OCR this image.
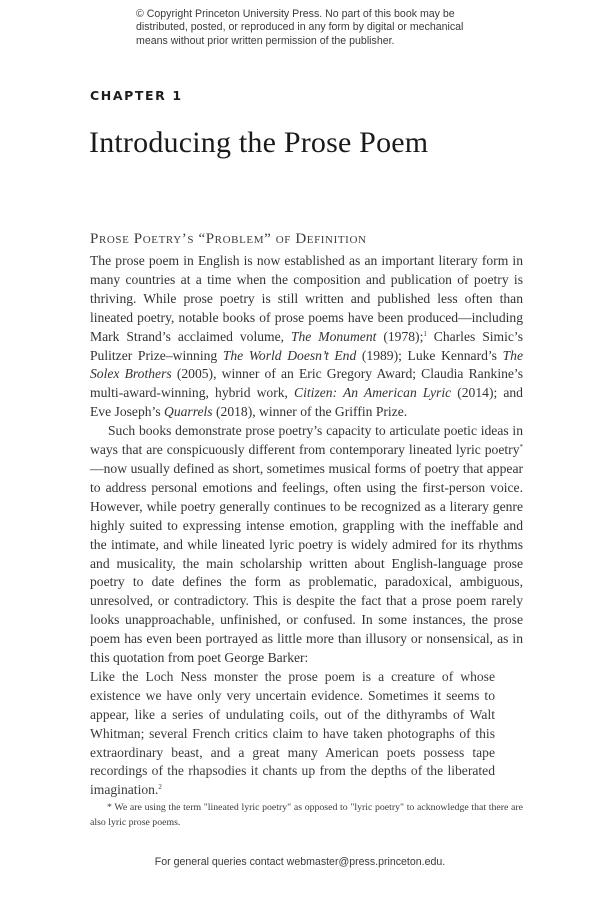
© Copyright Princeton University Press. No part of this book may be distributed, posted, or reproduced in any form by digital or mechanical means without prior written permission of the publisher.
CHAPTER 1
Introducing the Prose Poem
Prose Poetry’s “Problem” of Definition

The prose poem in English is now established as an important literary form in many countries at a time when the composition and publication of poetry is thriving. While prose poetry is still written and published less often than lineated poetry, notable books of prose poems have been produced—including Mark Strand’s acclaimed volume, The Monument (1978);$^1$ Charles Simic’s Pulitzer Prize–winning The World Doesn’t End (1989); Luke Kennard’s The Solex Brothers (2005), winner of an Eric Gregory Award; Claudia Rankine’s multi-award-winning, hybrid work, Citizen: An American Lyric (2014); and Eve Joseph’s Quarrels (2018), winner of the Griffin Prize.

Such books demonstrate prose poetry’s capacity to articulate poetic ideas in ways that are conspicuously different from contemporary lineated lyric poetry*—now usually defined as short, sometimes musical forms of poetry that appear to address personal emotions and feelings, often using the first-person voice. However, while poetry generally continues to be recognized as a literary genre highly suited to expressing intense emotion, grappling with the ineffable and the intimate, and while lineated lyric poetry is widely admired for its rhythms and musicality, the main scholarship written about English-language prose poetry to date defines the form as problematic, paradoxical, ambiguous, unresolved, or contradictory. This is despite the fact that a prose poem rarely looks unapproachable, unfinished, or confused. In some instances, the prose poem has even been portrayed as little more than illusory or nonsensical, as in this quotation from poet George Barker:

Like the Loch Ness monster the prose poem is a creature of whose existence we have only very uncertain evidence. Sometimes it seems to appear, like a series of undulating coils, out of the dithyrambs of Walt Whitman; several French critics claim to have taken photographs of this extraordinary beast, and a great many American poets possess tape recordings of the rhapsodies it chants up from the depths of the liberated imagination.$^2$

* We are using the term "lineated lyric poetry" as opposed to "lyric poetry" to acknowledge that there are also lyric prose poems.

For general queries contact webmaster@press.princeton.edu.
